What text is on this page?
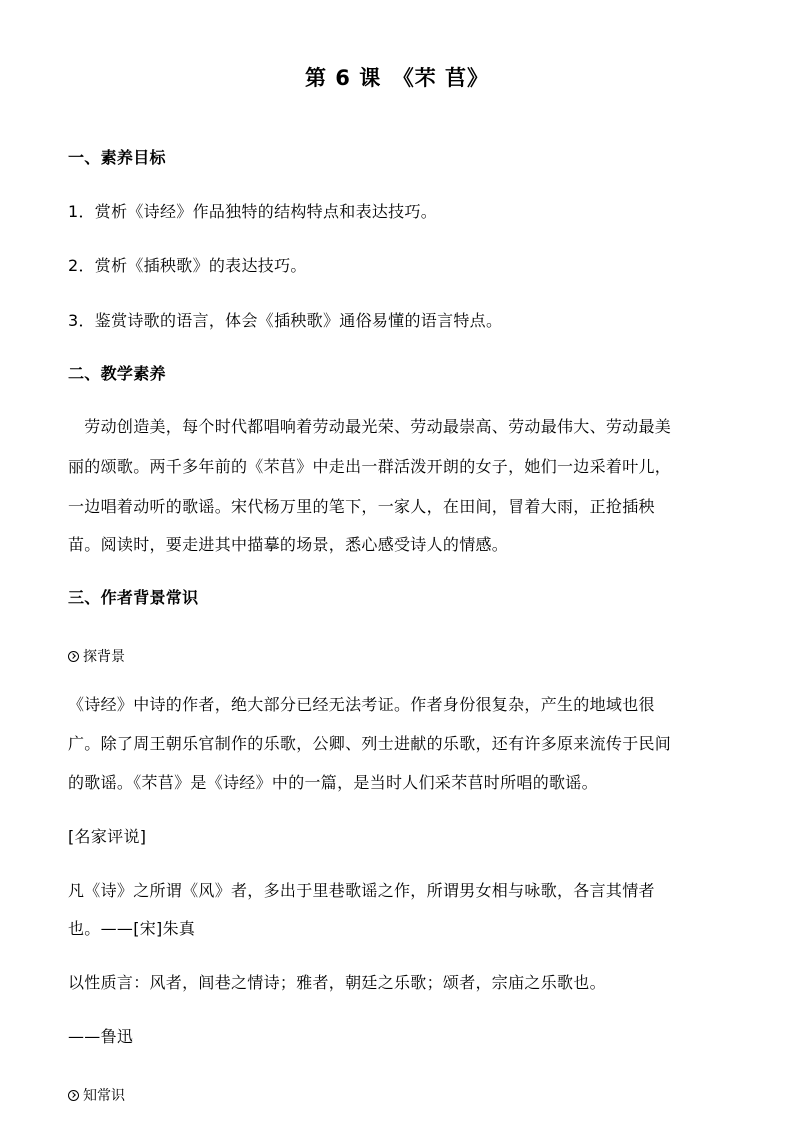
第 6 课　《芣 苢》
一、素养目标
1．赏析《诗经》作品独特的结构特点和表达技巧。
2．赏析《插秧歌》的表达技巧。
3．鉴赏诗歌的语言，体会《插秧歌》通俗易懂的语言特点。
二、教学素养
　劳动创造美，每个时代都唱响着劳动最光荣、劳动最崇高、劳动最伟大、劳动最美
丽的颂歌。两千多年前的《芣苢》中走出一群活泼开朗的女子，她们一边采着叶儿，
一边唱着动听的歌谣。宋代杨万里的笔下，一家人，在田间，冒着大雨，正抢插秧
苗。阅读时，要走进其中描摹的场景，悉心感受诗人的情感。
三、作者背景常识
探背景
《诗经》中诗的作者，绝大部分已经无法考证。作者身份很复杂，产生的地域也很
广。除了周王朝乐官制作的乐歌，公卿、列士进献的乐歌，还有许多原来流传于民间
的歌谣。《芣苢》是《诗经》中的一篇，是当时人们采芣苢时所唱的歌谣。
[名家评说]
凡《诗》之所谓《风》者，多出于里巷歌谣之作，所谓男女相与咏歌，各言其情者
也。——[宋]朱真
以性质言：风者，闾巷之情诗；雅者，朝廷之乐歌；颂者，宗庙之乐歌也。
——鲁迅
知常识
